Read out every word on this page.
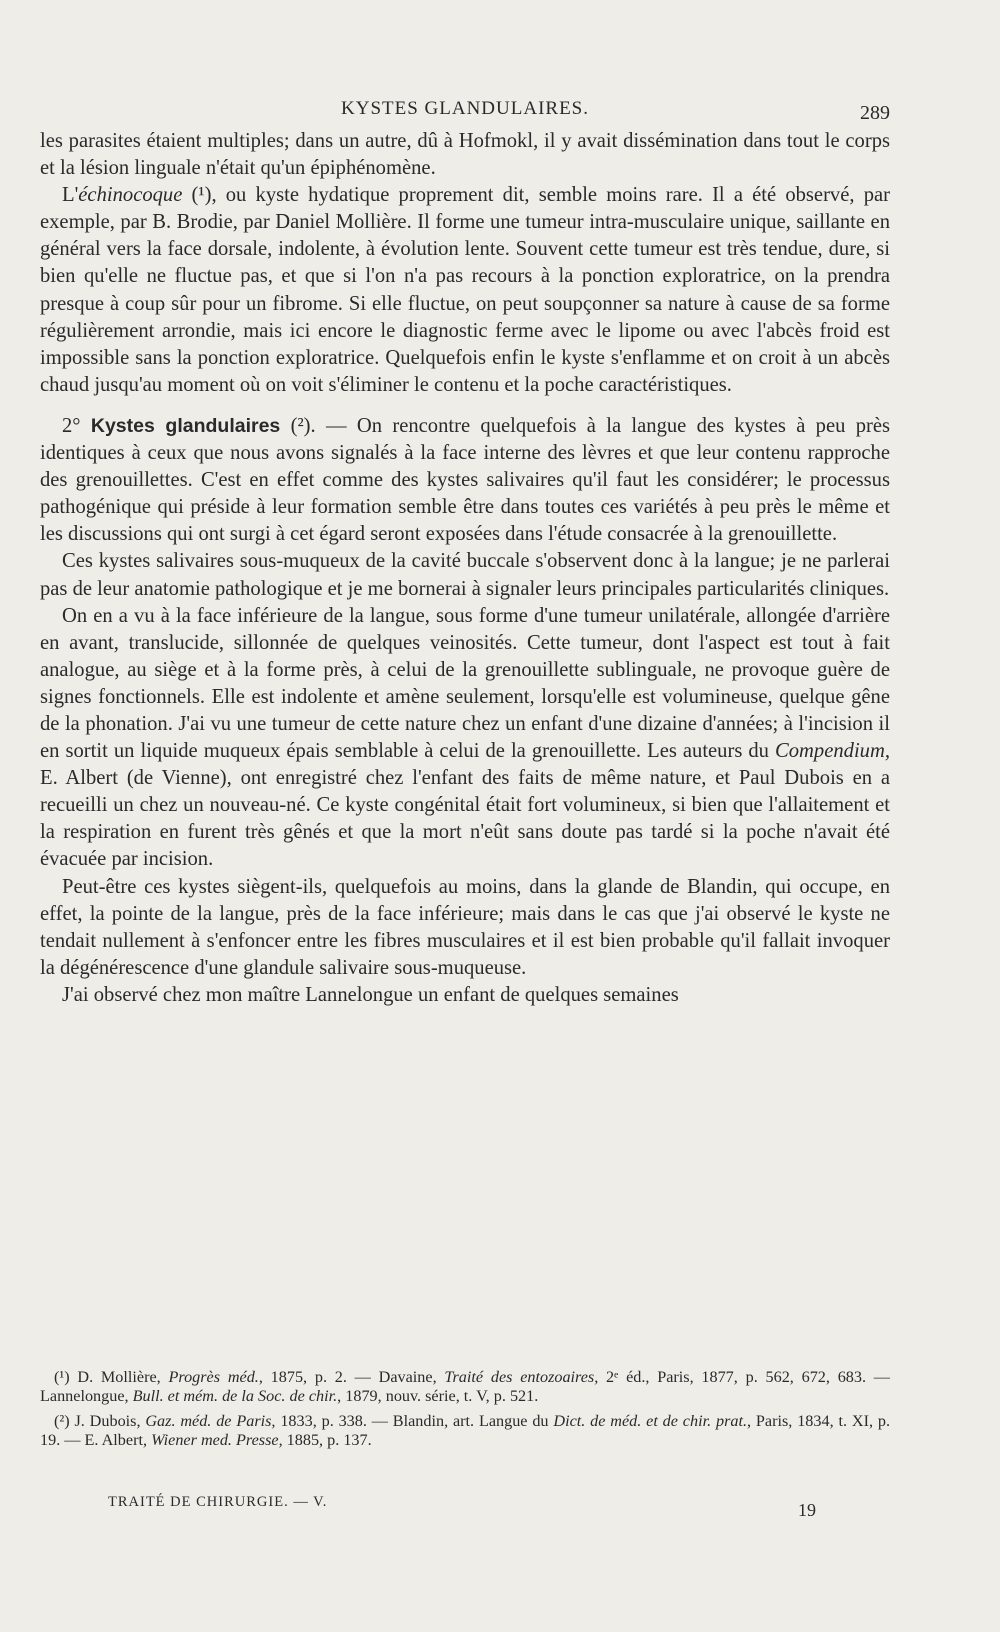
KYSTES GLANDULAIRES.	289

les parasites étaient multiples; dans un autre, dû à Hofmokl, il y avait dissémination dans tout le corps et la lésion linguale n'était qu'un épiphénomène.

L'échinocoque (¹), ou kyste hydatique proprement dit, semble moins rare. Il a été observé, par exemple, par B. Brodie, par Daniel Mollière. Il forme une tumeur intra-musculaire unique, saillante en général vers la face dorsale, indolente, à évolution lente. Souvent cette tumeur est très tendue, dure, si bien qu'elle ne fluctue pas, et que si l'on n'a pas recours à la ponction exploratrice, on la prendra presque à coup sûr pour un fibrome. Si elle fluctue, on peut soupçonner sa nature à cause de sa forme régulièrement arrondie, mais ici encore le diagnostic ferme avec le lipome ou avec l'abcès froid est impossible sans la ponction exploratrice. Quelquefois enfin le kyste s'enflamme et on croit à un abcès chaud jusqu'au moment où on voit s'éliminer le contenu et la poche caractéristiques.

2° Kystes glandulaires (²). — On rencontre quelquefois à la langue des kystes à peu près identiques à ceux que nous avons signalés à la face interne des lèvres et que leur contenu rapproche des grenouillettes. C'est en effet comme des kystes salivaires qu'il faut les considérer; le processus pathogénique qui préside à leur formation semble être dans toutes ces variétés à peu près le même et les discussions qui ont surgi à cet égard seront exposées dans l'étude consacrée à la grenouillette.

Ces kystes salivaires sous-muqueux de la cavité buccale s'observent donc à la langue; je ne parlerai pas de leur anatomie pathologique et je me bornerai à signaler leurs principales particularités cliniques.

On en a vu à la face inférieure de la langue, sous forme d'une tumeur unilatérale, allongée d'arrière en avant, translucide, sillonnée de quelques veinosités. Cette tumeur, dont l'aspect est tout à fait analogue, au siège et à la forme près, à celui de la grenouillette sublinguale, ne provoque guère de signes fonctionnels. Elle est indolente et amène seulement, lorsqu'elle est volumineuse, quelque gêne de la phonation. J'ai vu une tumeur de cette nature chez un enfant d'une dizaine d'années; à l'incision il en sortit un liquide muqueux épais semblable à celui de la grenouillette. Les auteurs du Compendium, E. Albert (de Vienne), ont enregistré chez l'enfant des faits de même nature, et Paul Dubois en a recueilli un chez un nouveau-né. Ce kyste congénital était fort volumineux, si bien que l'allaitement et la respiration en furent très gênés et que la mort n'eût sans doute pas tardé si la poche n'avait été évacuée par incision.

Peut-être ces kystes siègent-ils, quelquefois au moins, dans la glande de Blandin, qui occupe, en effet, la pointe de la langue, près de la face inférieure; mais dans le cas que j'ai observé le kyste ne tendait nullement à s'enfoncer entre les fibres musculaires et il est bien probable qu'il fallait invoquer la dégénérescence d'une glandule salivaire sous-muqueuse.

J'ai observé chez mon maître Lannelongue un enfant de quelques semaines

(¹) D. Mollière, Progrès méd., 1875, p. 2. — Davaine, Traité des entozoaires, 2ᵉ éd., Paris, 1877, p. 562, 672, 683. — Lannelongue, Bull. et mém. de la Soc. de chir., 1879, nouv. série, t. V, p. 521.

(²) J. Dubois, Gaz. méd. de Paris, 1833, p. 338. — Blandin, art. Langue du Dict. de méd. et de chir. prat., Paris, 1834, t. XI, p. 19. — E. Albert, Wiener med. Presse, 1885, p. 137.

TRAITÉ DE CHIRURGIE. — V.	19
